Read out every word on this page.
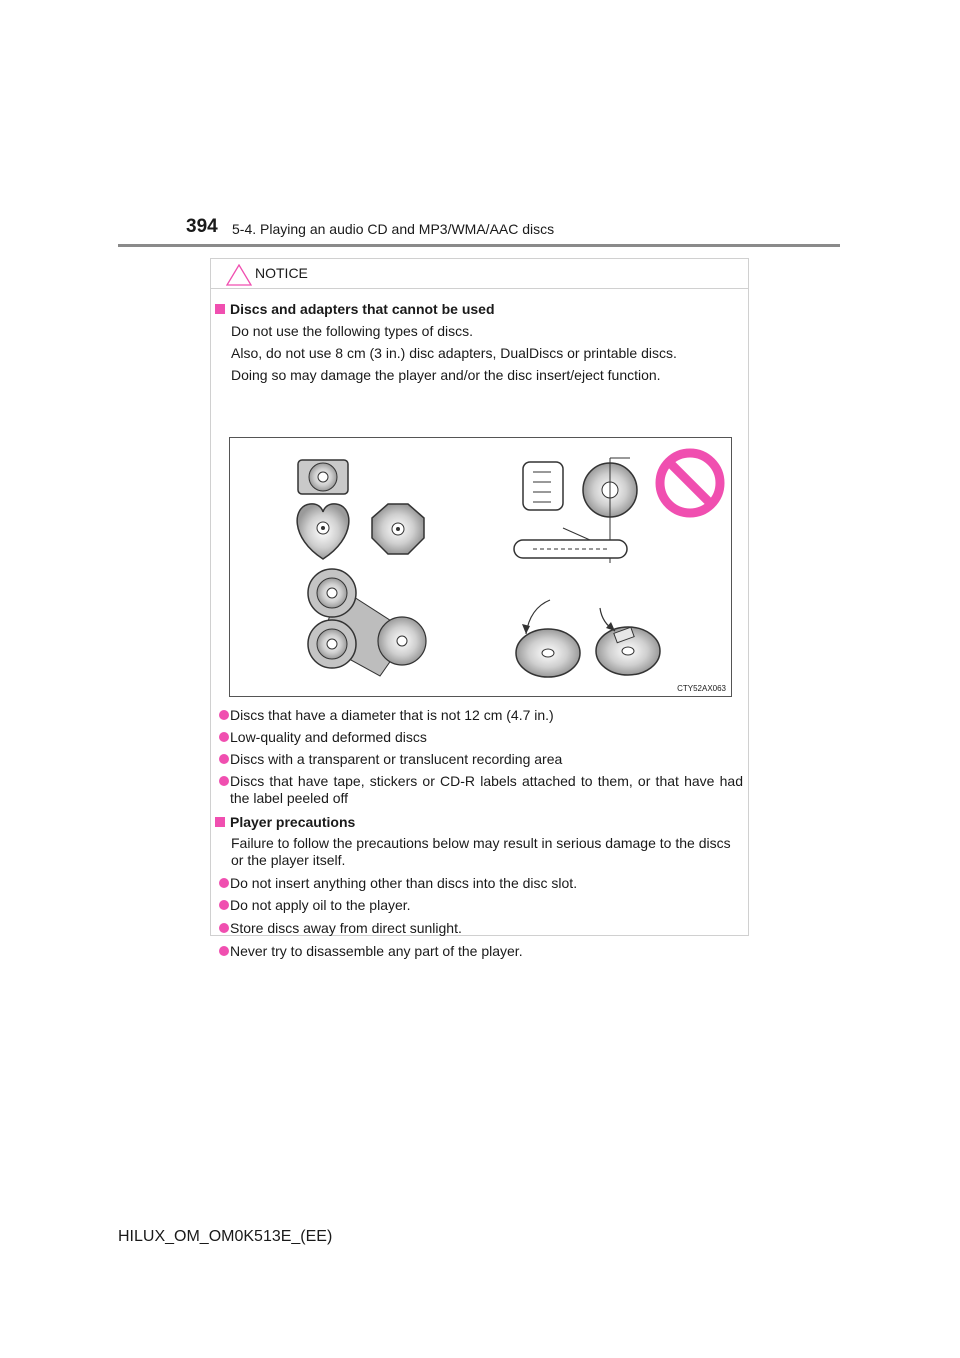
394 5-4. Playing an audio CD and MP3/WMA/AAC discs
NOTICE
Discs and adapters that cannot be used
Do not use the following types of discs.
Also, do not use 8 cm (3 in.) disc adapters, DualDiscs or printable discs.
Doing so may damage the player and/or the disc insert/eject function.
CTY52AX063
Discs that have a diameter that is not 12 cm (4.7 in.)
Low-quality and deformed discs
Discs with a transparent or translucent recording area
Discs that have tape, stickers or CD-R labels attached to them, or that have had the label peeled off
Player precautions
Failure to follow the precautions below may result in serious damage to the discs or the player itself.
Do not insert anything other than discs into the disc slot.
Do not apply oil to the player.
Store discs away from direct sunlight.
Never try to disassemble any part of the player.
HILUX_OM_OM0K513E_(EE)
